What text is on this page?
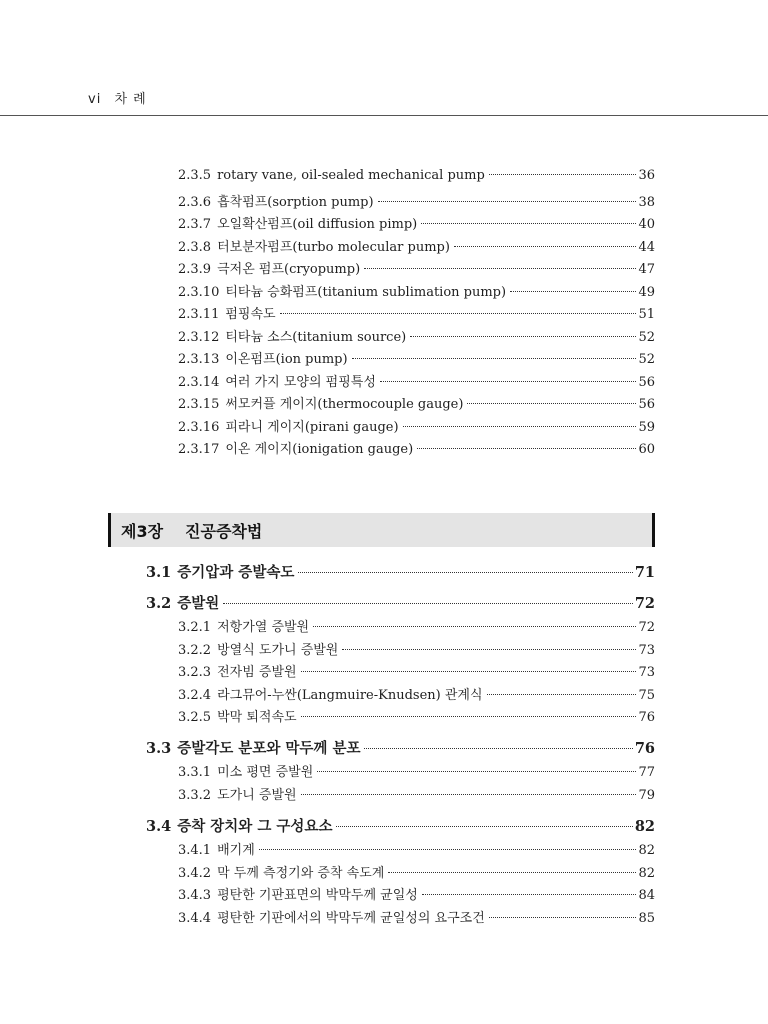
vi 차 례
2.3.5 rotary vane, oil-sealed mechanical pump	36
2.3.6 흡착펌프(sorption pump)	38
2.3.7 오일확산펌프(oil diffusion pimp)	40
2.3.8 터보분자펌프(turbo molecular pump)	44
2.3.9 극저온 펌프(cryopump)	47
2.3.10 티타늄 승화펌프(titanium sublimation pump)	49
2.3.11 펌핑속도	51
2.3.12 티타늄 소스(titanium source)	52
2.3.13 이온펌프(ion pump)	52
2.3.14 여러 가지 모양의 펌핑특성	56
2.3.15 써모커플 게이지(thermocouple gauge)	56
2.3.16 피라니 게이지(pirani gauge)	59
2.3.17 이온 게이지(ionigation gauge)	60
제3장 진공증착법
3.1 증기압과 증발속도	71
3.2 증발원	72
3.2.1 저항가열 증발원	72
3.2.2 방열식 도가니 증발원	73
3.2.3 전자빔 증발원	73
3.2.4 라그뮤어-누싼(Langmuire-Knudsen) 관계식	75
3.2.5 박막 퇴적속도	76
3.3 증발각도 분포와 막두께 분포	76
3.3.1 미소 평면 증발원	77
3.3.2 도가니 증발원	79
3.4 증착 장치와 그 구성요소	82
3.4.1 배기계	82
3.4.2 막 두께 측정기와 증착 속도계	82
3.4.3 평탄한 기판표면의 박막두께 균일성	84
3.4.4 평탄한 기판에서의 박막두께 균일성의 요구조건	85
